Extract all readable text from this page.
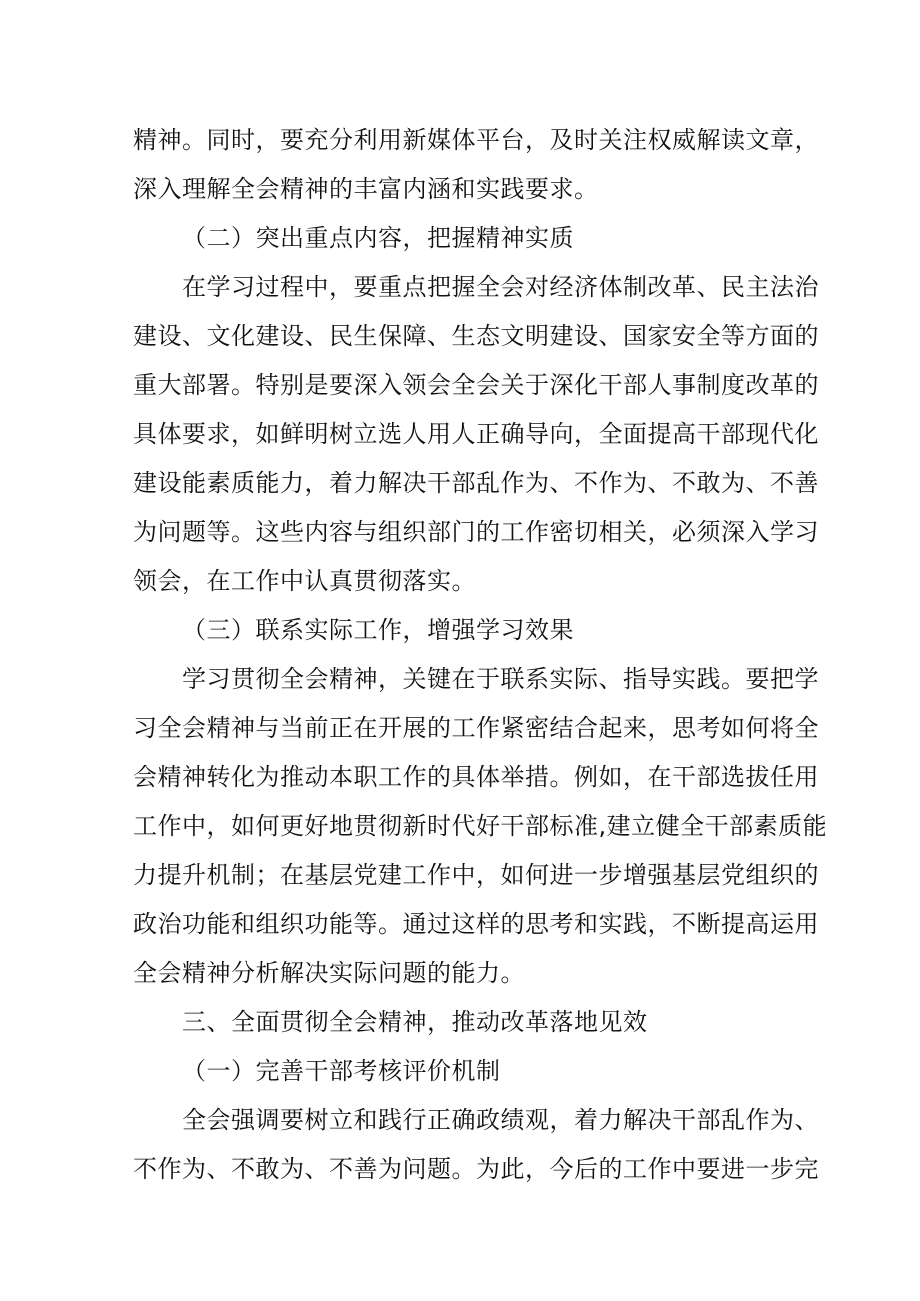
精神。同时，要充分利用新媒体平台，及时关注权威解读文章，
深入理解全会精神的丰富内涵和实践要求。
（二）突出重点内容，把握精神实质
在学习过程中，要重点把握全会对经济体制改革、民主法治
建设、文化建设、民生保障、生态文明建设、国家安全等方面的
重大部署。特别是要深入领会全会关于深化干部人事制度改革的
具体要求，如鲜明树立选人用人正确导向，全面提高干部现代化
建设能素质能力，着力解决干部乱作为、不作为、不敢为、不善
为问题等。这些内容与组织部门的工作密切相关，必须深入学习
领会，在工作中认真贯彻落实。
（三）联系实际工作，增强学习效果
学习贯彻全会精神，关键在于联系实际、指导实践。要把学
习全会精神与当前正在开展的工作紧密结合起来，思考如何将全
会精神转化为推动本职工作的具体举措。例如，在干部选拔任用
工作中，如何更好地贯彻新时代好干部标准,建立健全干部素质能
力提升机制；在基层党建工作中，如何进一步增强基层党组织的
政治功能和组织功能等。通过这样的思考和实践，不断提高运用
全会精神分析解决实际问题的能力。
三、全面贯彻全会精神，推动改革落地见效
（一）完善干部考核评价机制
全会强调要树立和践行正确政绩观，着力解决干部乱作为、
不作为、不敢为、不善为问题。为此，今后的工作中要进一步完
